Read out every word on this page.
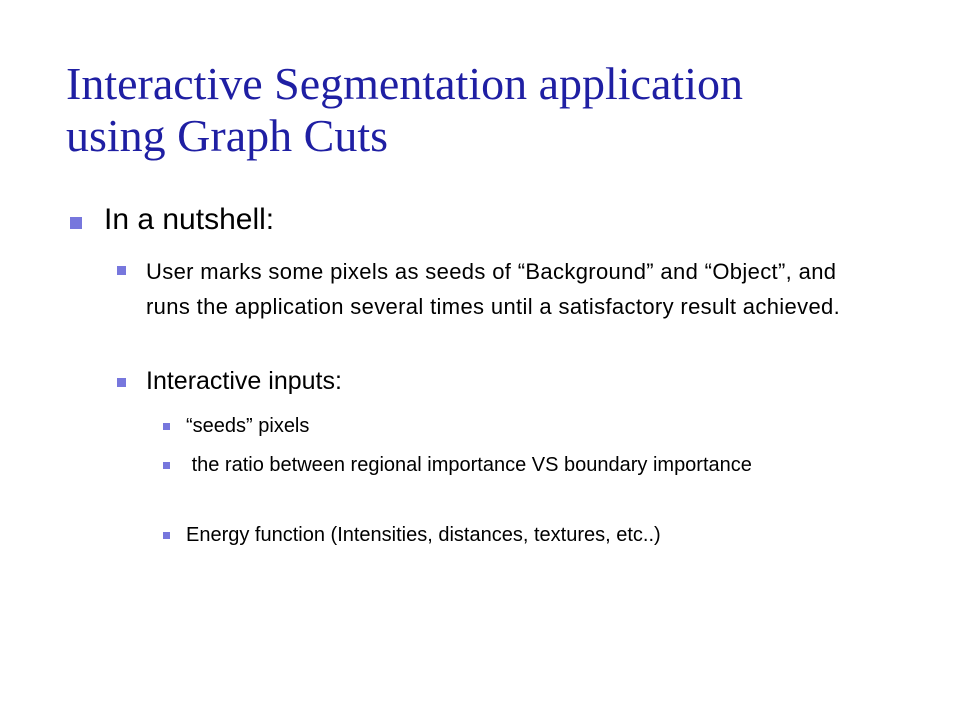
Interactive Segmentation application
using Graph Cuts
In a nutshell:
User marks some pixels as seeds of “Background” and “Object”, and runs the application several times until a satisfactory result achieved.
Interactive inputs:
“seeds” pixels
the ratio between regional importance VS boundary importance
Energy function (Intensities, distances, textures, etc..)
